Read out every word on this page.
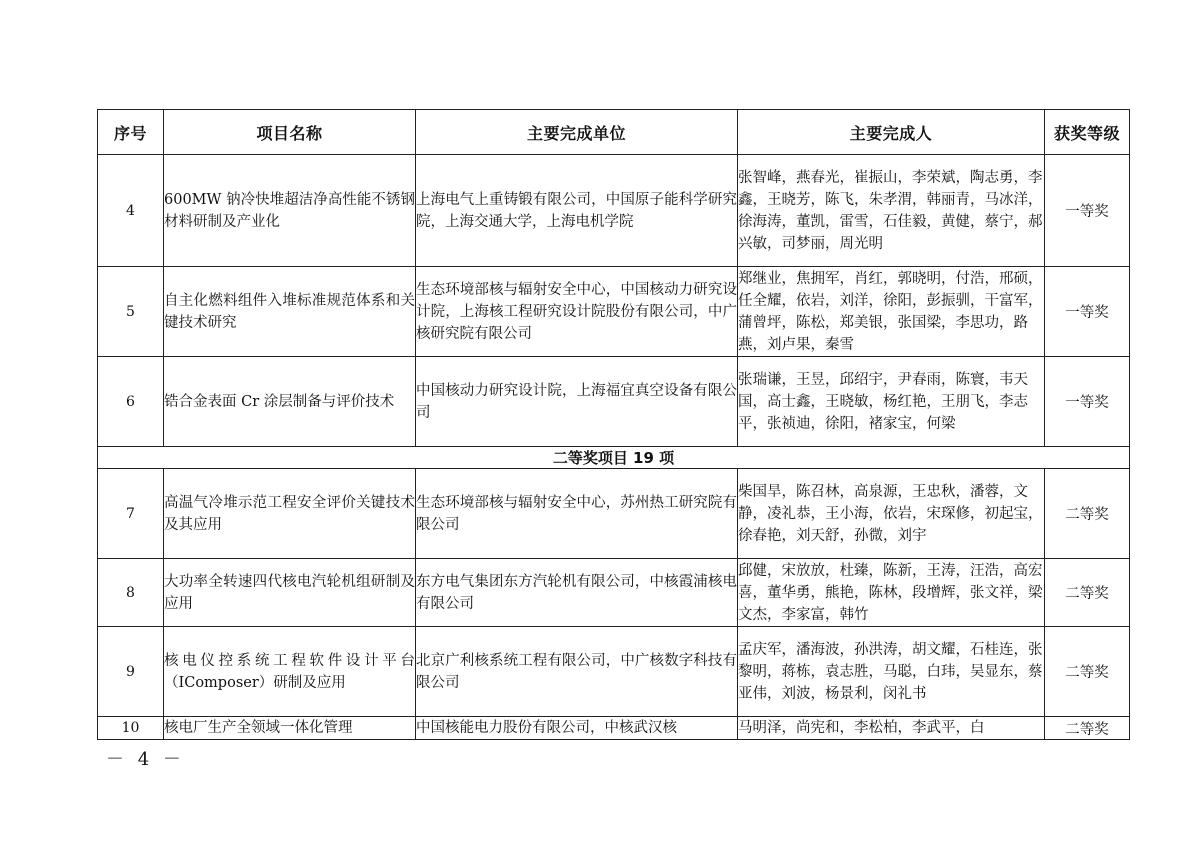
序号	项目名称	主要完成单位	主要完成人	获奖等级
4	600MW 钠冷快堆超洁净高性能不锈钢材料研制及产业化	上海电气上重铸锻有限公司，中国原子能科学研究院，上海交通大学，上海电机学院	张智峰，燕春光，崔振山，李荣斌，陶志勇，李鑫，王晓芳，陈飞，朱孝渭，韩丽青，马冰洋，徐海涛，董凯，雷雪，石佳毅，黄健，蔡宁，郝兴敏，司梦丽，周光明	一等奖
5	自主化燃料组件入堆标准规范体系和关键技术研究	生态环境部核与辐射安全中心，中国核动力研究设计院，上海核工程研究设计院股份有限公司，中广核研究院有限公司	郑继业，焦拥军，肖红，郭晓明，付浩，邢硕，任全耀，依岩，刘洋，徐阳，彭振驯，干富军，蒲曾坪，陈松，郑美银，张国梁，李思功，路燕，刘卢果，秦雪	一等奖
6	锆合金表面 Cr 涂层制备与评价技术	中国核动力研究设计院，上海福宜真空设备有限公司	张瑞谦，王昱，邱绍宇，尹春雨，陈寰，韦天国，高士鑫，王晓敏，杨红艳，王朋飞，李志平，张祯迪，徐阳，褚家宝，何梁	一等奖
二等奖项目 19 项				
7	高温气冷堆示范工程安全评价关键技术及其应用	生态环境部核与辐射安全中心，苏州热工研究院有限公司	柴国旱，陈召林，高泉源，王忠秋，潘蓉，文静，凌礼恭，王小海，依岩，宋琛修，初起宝，徐春艳，刘天舒，孙微，刘宇	二等奖
8	大功率全转速四代核电汽轮机组研制及应用	东方电气集团东方汽轮机有限公司，中核霞浦核电有限公司	邱健，宋放放，杜臻，陈新，王涛，汪浩，高宏喜，董华勇，熊艳，陈林，段增辉，张文祥，梁文杰，李家富，韩竹	二等奖
9	核电仪控系统工程软件设计平台（IComposer）研制及应用	北京广利核系统工程有限公司，中广核数字科技有限公司	孟庆军，潘海波，孙洪涛，胡文耀，石桂连，张黎明，蒋栋，袁志胜，马聪，白玮，吴显东，蔡亚伟，刘波，杨景利，闵礼书	二等奖
10	核电厂生产全领域一体化管理	中国核能电力股份有限公司，中核武汉核	马明泽，尚宪和，李松柏，李武平，白	二等奖
－ 4 －
